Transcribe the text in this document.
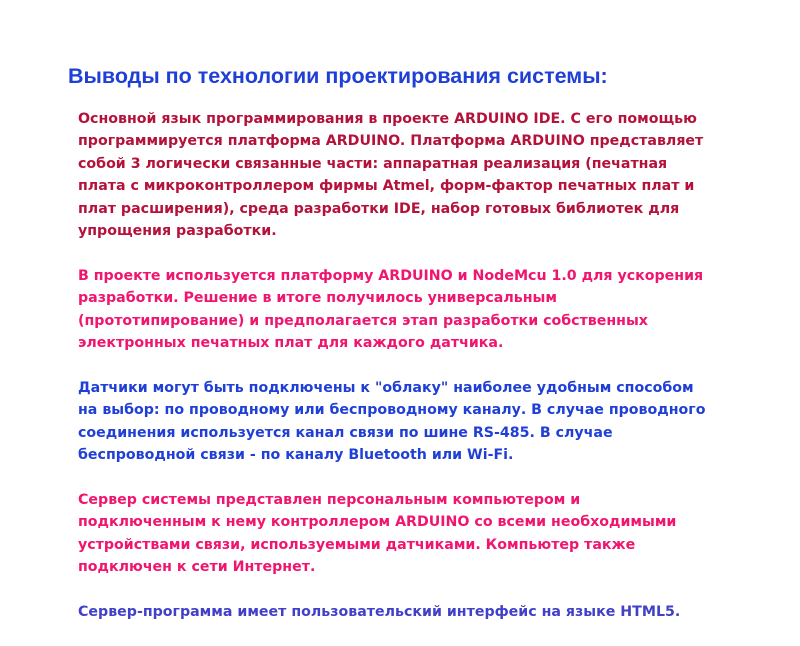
Выводы по технологии проектирования системы:
Основной язык программирования в проекте ARDUINO IDE. С его помощью
программируется платформа ARDUINO. Платформа ARDUINO представляет
собой 3 логически связанные части: аппаратная реализация (печатная
плата с микроконтроллером фирмы Atmel, форм-фактор печатных плат и
плат расширения), среда разработки IDE, набор готовых библиотек для
упрощения разработки.
В проекте используется платформу ARDUINO и NodeMcu 1.0 для ускорения
разработки. Решение в итоге получилось универсальным
(прототипирование) и предполагается этап разработки собственных
электронных печатных плат для каждого датчика.
Датчики могут быть подключены к "облаку" наиболее удобным способом
на выбор: по проводному или беспроводному каналу. В случае проводного
соединения используется канал связи по шине RS-485. В случае
беспроводной связи - по каналу Bluetooth или Wi-Fi.
Сервер системы представлен персональным компьютером и
подключенным к нему контроллером ARDUINO со всеми необходимыми
устройствами связи, используемыми датчиками. Компьютер также
подключен к сети Интернет.
Сервер-программа имеет пользовательский интерфейс на языке HTML5.
